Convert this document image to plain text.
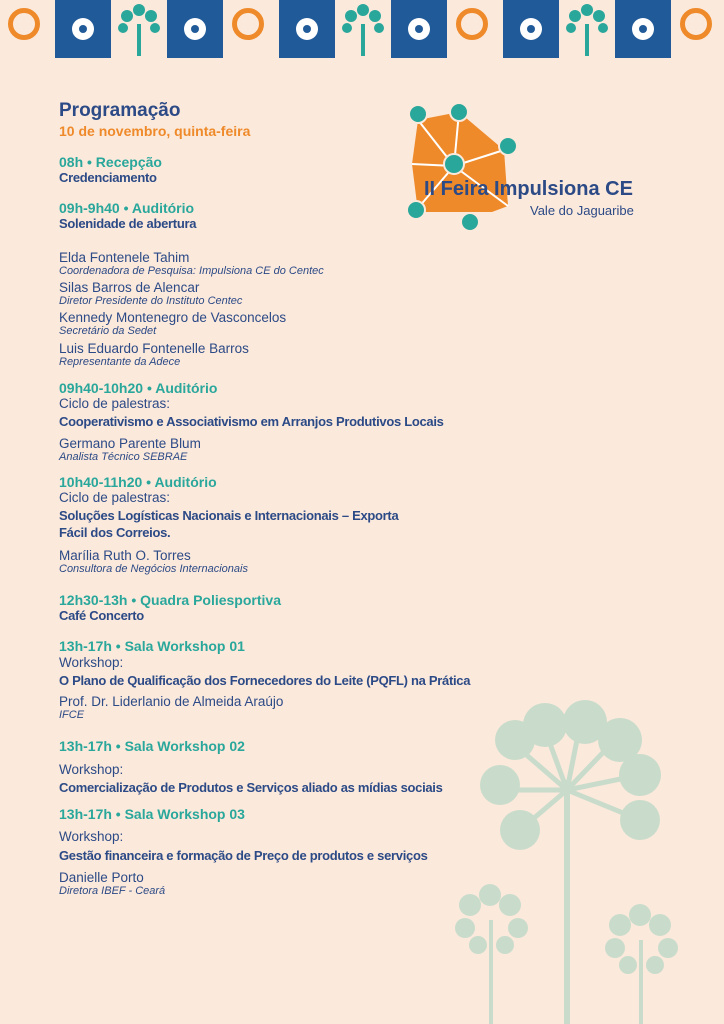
II Feira Impulsiona CE
Vale do Jaguaribe
Programação
10 de novembro, quinta-feira
08h • Recepção
Credenciamento
09h-9h40 • Auditório
Solenidade de abertura
Elda Fontenele Tahim
Coordenadora de Pesquisa: Impulsiona CE do Centec
Silas Barros de Alencar
Diretor Presidente do Instituto Centec
Kennedy Montenegro de Vasconcelos
Secretário da Sedet
Luis Eduardo Fontenelle Barros
Representante da Adece
09h40-10h20 • Auditório
Ciclo de palestras:
Cooperativismo e Associativismo em Arranjos Produtivos Locais
Germano Parente Blum
Analista Técnico SEBRAE
10h40-11h20 • Auditório
Ciclo de palestras:
Soluções Logísticas Nacionais e Internacionais – Exporta
Fácil dos Correios.
Marília Ruth O. Torres
Consultora de Negócios Internacionais
12h30-13h • Quadra Poliesportiva
Café Concerto
13h-17h • Sala Workshop 01
Workshop:
O Plano de Qualificação dos Fornecedores do Leite (PQFL) na Prática
Prof. Dr. Liderlanio de Almeida Araújo
IFCE
13h-17h • Sala Workshop 02
Workshop:
Comercialização de Produtos e Serviços aliado as mídias sociais
13h-17h • Sala Workshop 03
Workshop:
Gestão financeira e formação de Preço de produtos e serviços
Danielle Porto
Diretora IBEF - Ceará
